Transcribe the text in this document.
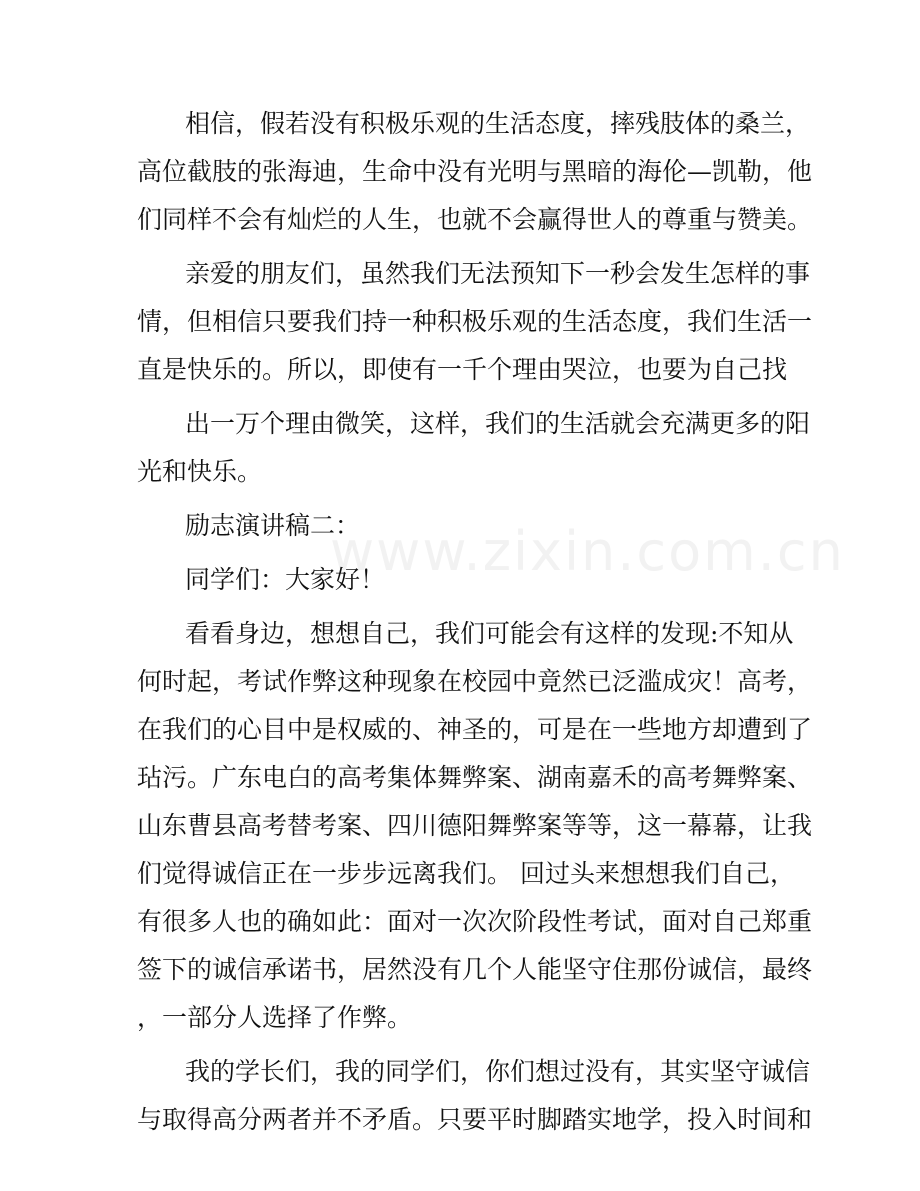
www.zixin.com.cn
相信，假若没有积极乐观的生活态度，摔残肢体的桑兰，
高位截肢的张海迪，生命中没有光明与黑暗的海伦—凯勒，他
们同样不会有灿烂的人生，也就不会赢得世人的尊重与赞美。
亲爱的朋友们，虽然我们无法预知下一秒会发生怎样的事
情，但相信只要我们持一种积极乐观的生活态度，我们生活一
直是快乐的。所以，即使有一千个理由哭泣，也要为自己找
出一万个理由微笑，这样，我们的生活就会充满更多的阳
光和快乐。
励志演讲稿二：
同学们：大家好！
看看身边，想想自己，我们可能会有这样的发现:不知从
何时起，考试作弊这种现象在校园中竟然已泛滥成灾！高考，
在我们的心目中是权威的、神圣的，可是在一些地方却遭到了
玷污。广东电白的高考集体舞弊案、湖南嘉禾的高考舞弊案、
山东曹县高考替考案、四川德阳舞弊案等等，这一幕幕，让我
们觉得诚信正在一步步远离我们。 回过头来想想我们自己，
有很多人也的确如此：面对一次次阶段性考试，面对自己郑重
签下的诚信承诺书，居然没有几个人能坚守住那份诚信，最终
，一部分人选择了作弊。
我的学长们，我的同学们，你们想过没有，其实坚守诚信
与取得高分两者并不矛盾。只要平时脚踏实地学，投入时间和
